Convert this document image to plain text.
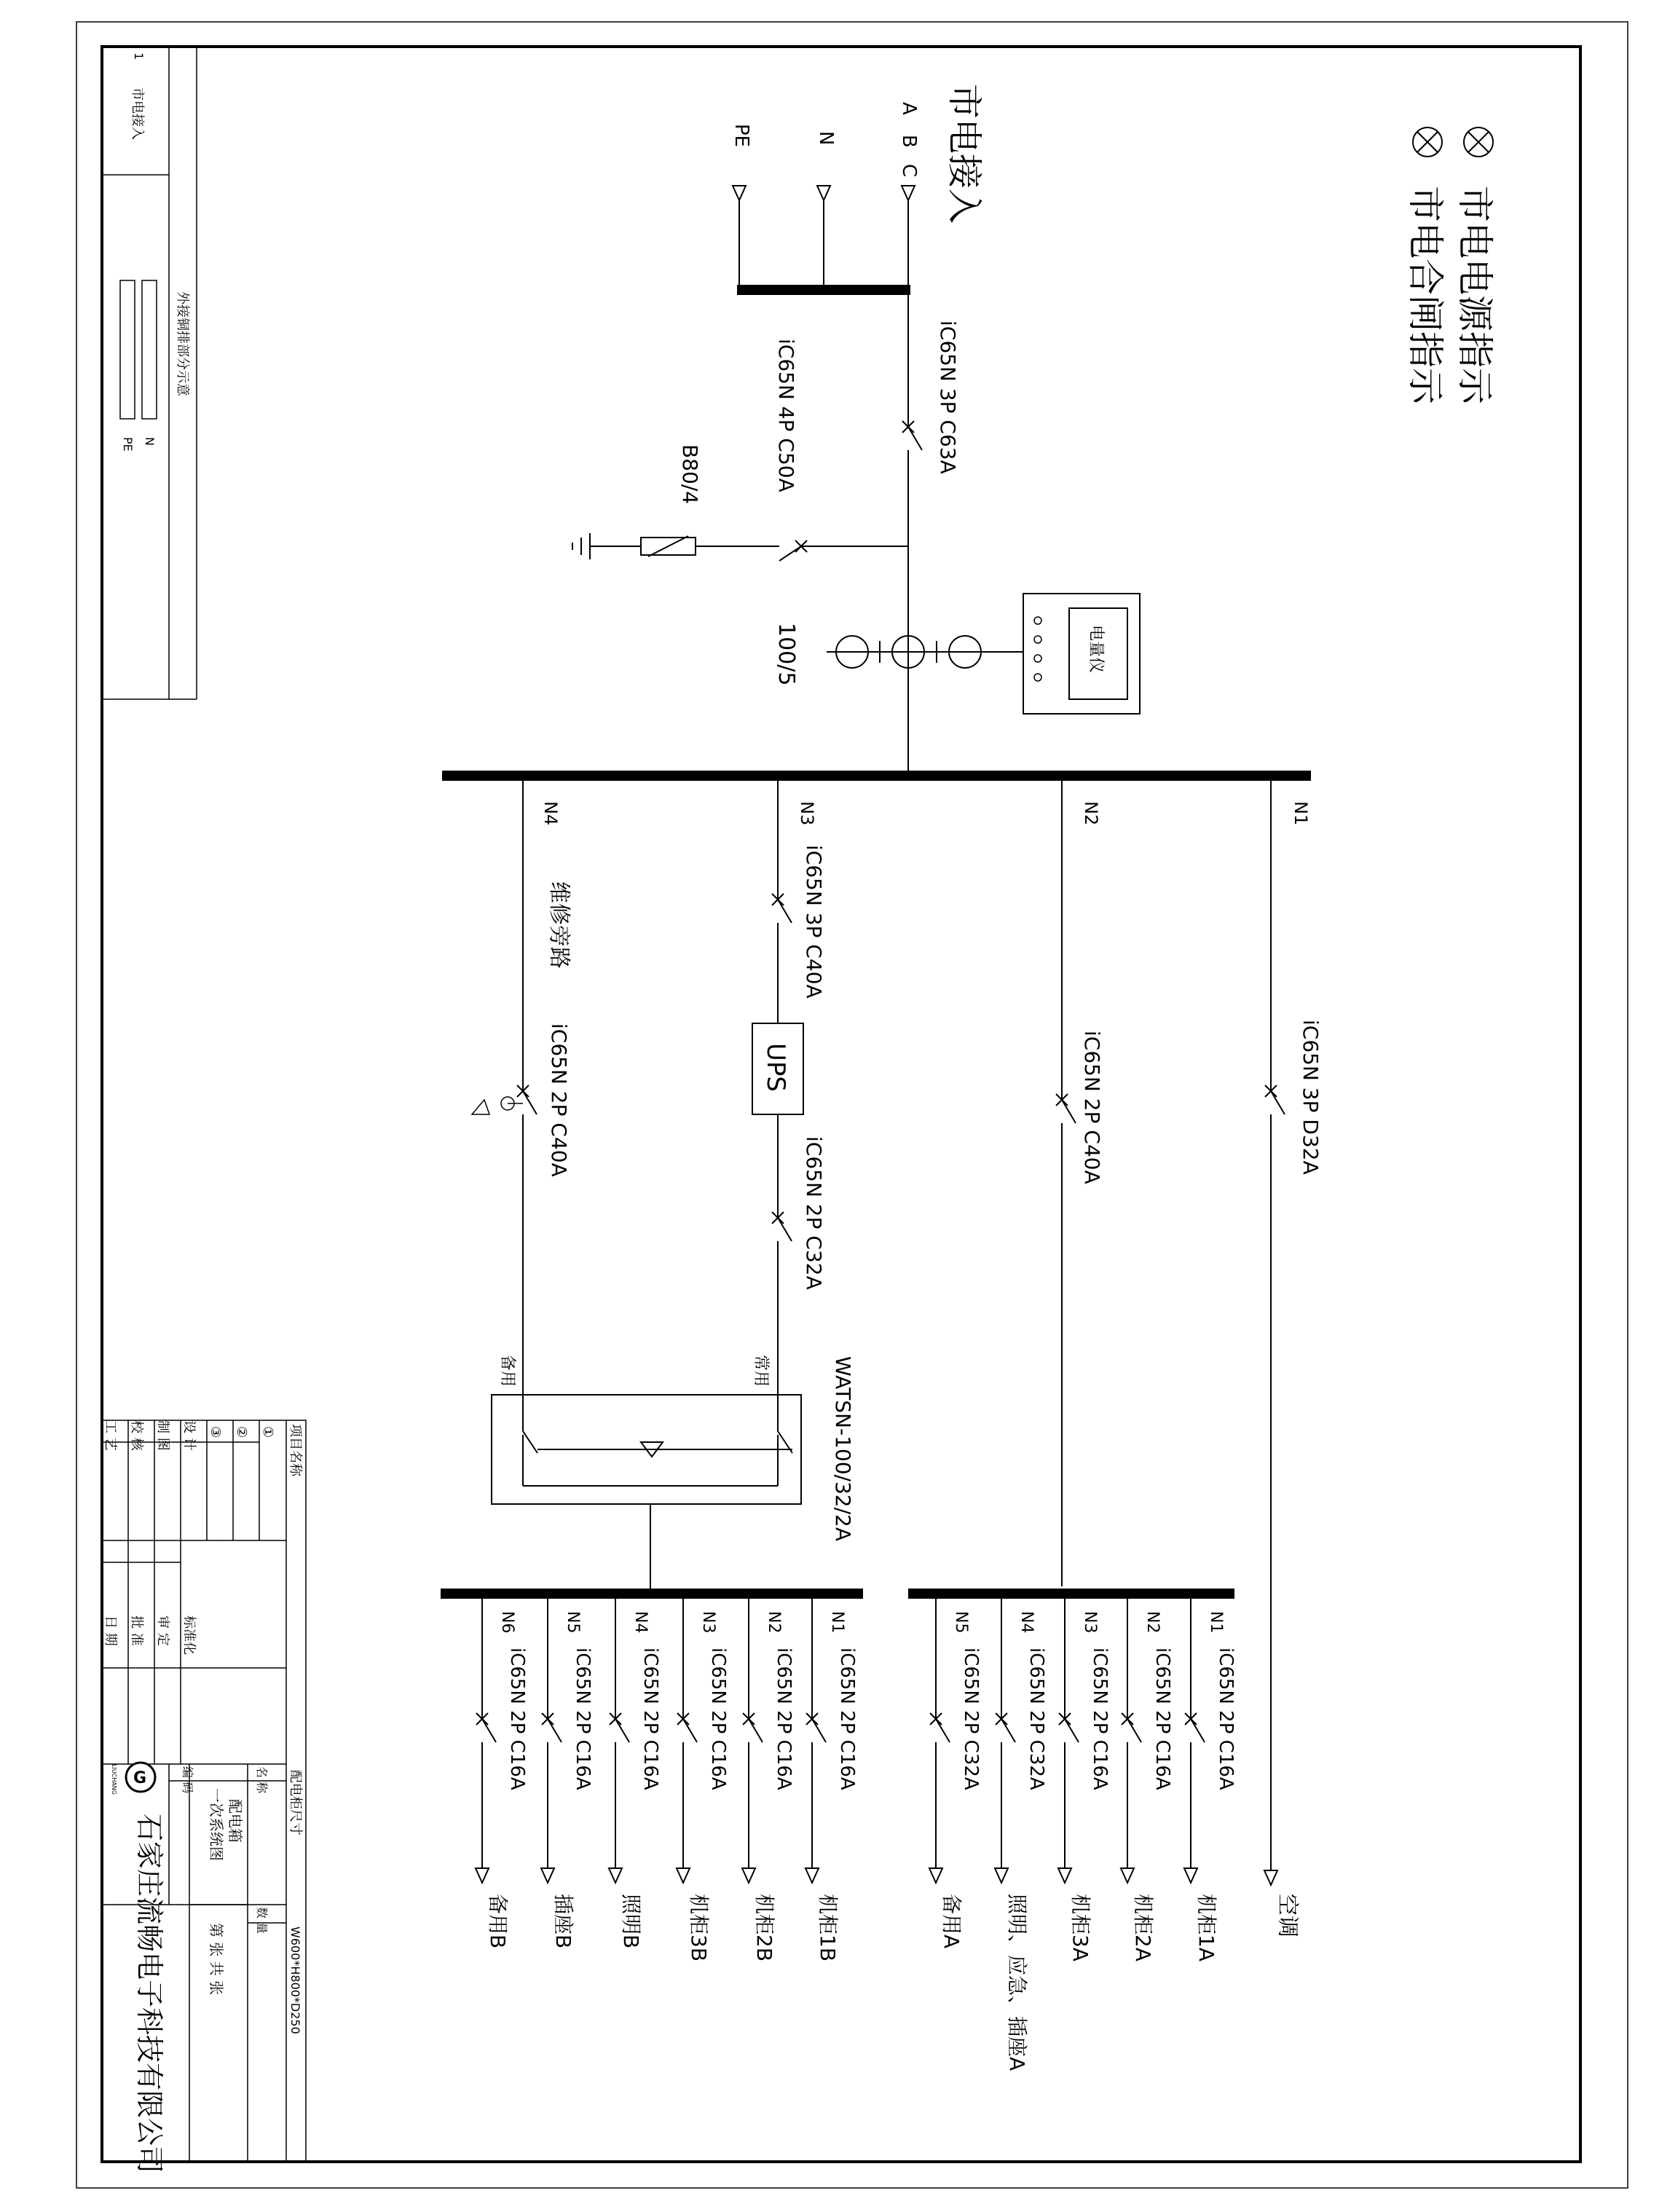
市电电源指示
市电合闸指示
市电接入
A
B
C
N
PE
iC65N 3P C63A
iC65N 4P C50A
B80/4
100/5	电量仪
N1
iC65N 3P D32A
空调
N2
iC65N 2P C40A
N3
iC65N 3P C40A
UPS
iC65N 2P C32A
N4
维修旁路
iC65N 2P C40A
WATSN-100/32/2A
常用
备用
N1
iC65N 2P C16A
机柜1A
N2
iC65N 2P C16A
机柜2A
N3
iC65N 2P C16A
机柜3A
N4
iC65N 2P C32A
照明、应急、插座A
N5
iC65N 2P C32A
备用A
N1
iC65N 2P C16A
机柜1B
N2
iC65N 2P C16A
机柜2B
N3
iC65N 2P C16A
机柜3B
N4
iC65N 2P C16A
照明B
N5
iC65N 2P C16A
插座B
N6
iC65N 2P C16A
备用B
1
市电接入
外接铜排部分示意
N
PE
项目名称
①
②
③
设 计
制 图
校 核
工 艺
标准化
审 定
批 准
日 期
配电柜尺寸
W600*H800*D250
名 称
配电箱
一次系统图
编 码
数 量
第 张 共 张
G
LIUCHANG
石家庄流畅电子科技有限公司
